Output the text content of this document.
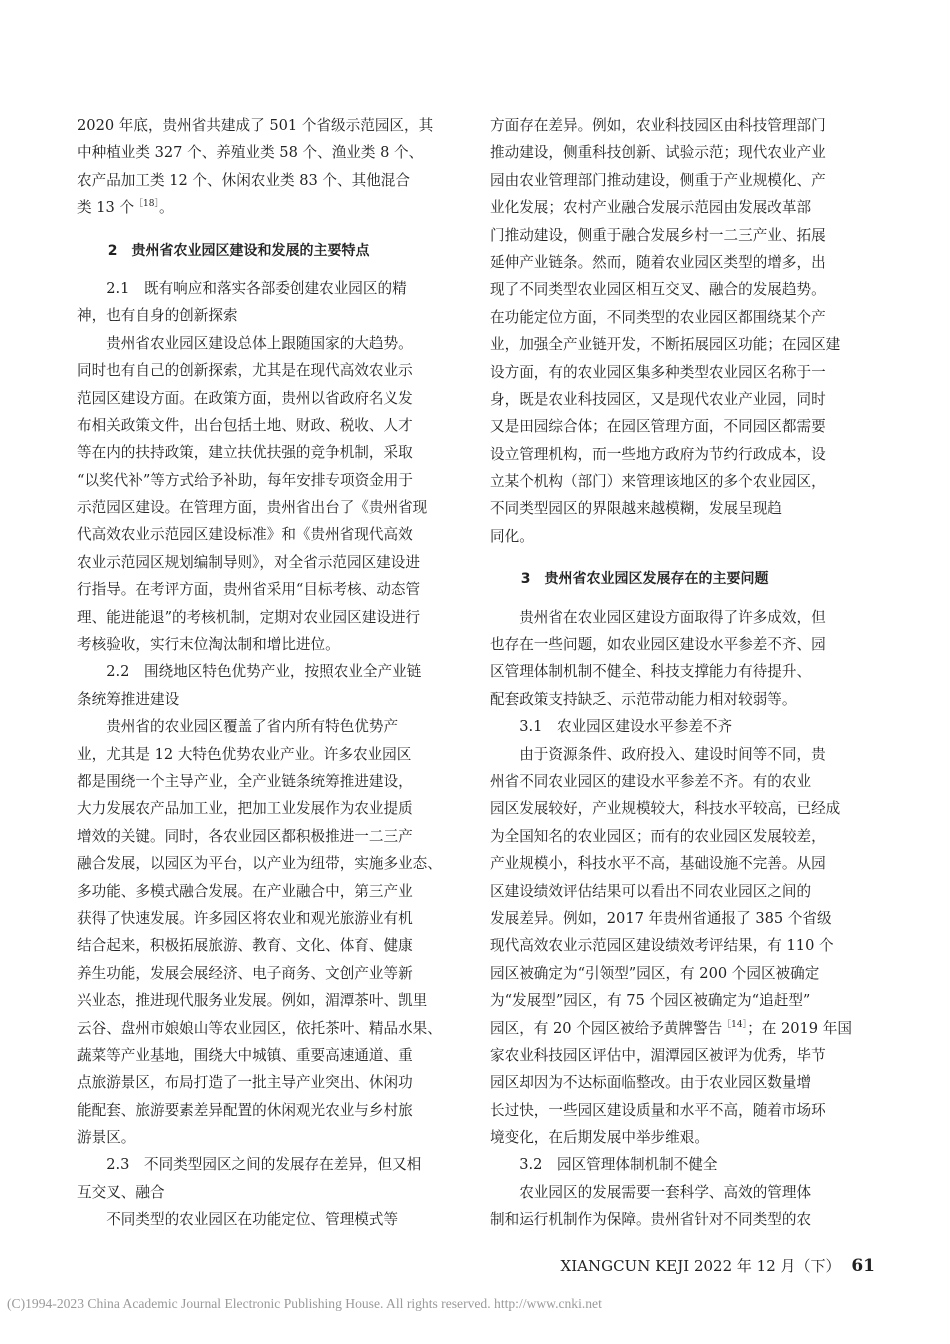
2020 年底，贵州省共建成了 501 个省级示范园区，其
中种植业类 327 个、养殖业类 58 个、渔业类 8 个、
农产品加工类 12 个、休闲农业类 83 个、其他混合
类 13 个$^{[18]}$。
2　贵州省农业园区建设和发展的主要特点
2.1　既有响应和落实各部委创建农业园区的精
神，也有自身的创新探索
贵州省农业园区建设总体上跟随国家的大趋势。
同时也有自己的创新探索，尤其是在现代高效农业示
范园区建设方面。在政策方面，贵州以省政府名义发
布相关政策文件，出台包括土地、财政、税收、人才
等在内的扶持政策，建立扶优扶强的竞争机制，采取
“以奖代补”等方式给予补助，每年安排专项资金用于
示范园区建设。在管理方面，贵州省出台了《贵州省现
代高效农业示范园区建设标准》和《贵州省现代高效
农业示范园区规划编制导则》，对全省示范园区建设进
行指导。在考评方面，贵州省采用“目标考核、动态管
理、能进能退”的考核机制，定期对农业园区建设进行
考核验收，实行末位淘汰制和增比进位。
2.2　围绕地区特色优势产业，按照农业全产业链
条统筹推进建设
贵州省的农业园区覆盖了省内所有特色优势产
业，尤其是 12 大特色优势农业产业。许多农业园区
都是围绕一个主导产业，全产业链条统筹推进建设，
大力发展农产品加工业，把加工业发展作为农业提质
增效的关键。同时，各农业园区都积极推进一二三产
融合发展，以园区为平台，以产业为纽带，实施多业态、
多功能、多模式融合发展。在产业融合中，第三产业
获得了快速发展。许多园区将农业和观光旅游业有机
结合起来，积极拓展旅游、教育、文化、体育、健康
养生功能，发展会展经济、电子商务、文创产业等新
兴业态，推进现代服务业发展。例如，湄潭茶叶、凯里
云谷、盘州市娘娘山等农业园区，依托茶叶、精品水果、
蔬菜等产业基地，围绕大中城镇、重要高速通道、重
点旅游景区，布局打造了一批主导产业突出、休闲功
能配套、旅游要素差异配置的休闲观光农业与乡村旅
游景区。
2.3　不同类型园区之间的发展存在差异，但又相
互交叉、融合
不同类型的农业园区在功能定位、管理模式等
方面存在差异。例如，农业科技园区由科技管理部门
推动建设，侧重科技创新、试验示范；现代农业产业
园由农业管理部门推动建设，侧重于产业规模化、产
业化发展；农村产业融合发展示范园由发展改革部
门推动建设，侧重于融合发展乡村一二三产业、拓展
延伸产业链条。然而，随着农业园区类型的增多，出
现了不同类型农业园区相互交叉、融合的发展趋势。
在功能定位方面，不同类型的农业园区都围绕某个产
业，加强全产业链开发，不断拓展园区功能；在园区建
设方面，有的农业园区集多种类型农业园区名称于一
身，既是农业科技园区，又是现代农业产业园，同时
又是田园综合体；在园区管理方面，不同园区都需要
设立管理机构，而一些地方政府为节约行政成本，设
立某个机构（部门）来管理该地区的多个农业园区，
不同类型园区的界限越来越模糊，发展呈现趋
同化。
3　贵州省农业园区发展存在的主要问题
贵州省在农业园区建设方面取得了许多成效，但
也存在一些问题，如农业园区建设水平参差不齐、园
区管理体制机制不健全、科技支撑能力有待提升、
配套政策支持缺乏、示范带动能力相对较弱等。
3.1　农业园区建设水平参差不齐
由于资源条件、政府投入、建设时间等不同，贵
州省不同农业园区的建设水平参差不齐。有的农业
园区发展较好，产业规模较大，科技水平较高，已经成
为全国知名的农业园区；而有的农业园区发展较差，
产业规模小，科技水平不高，基础设施不完善。从园
区建设绩效评估结果可以看出不同农业园区之间的
发展差异。例如，2017 年贵州省通报了 385 个省级
现代高效农业示范园区建设绩效考评结果，有 110 个
园区被确定为“引领型”园区，有 200 个园区被确定
为“发展型”园区，有 75 个园区被确定为“追赶型”
园区，有 20 个园区被给予黄牌警告$^{[14]}$；在 2019 年国
家农业科技园区评估中，湄潭园区被评为优秀，毕节
园区却因为不达标面临整改。由于农业园区数量增
长过快，一些园区建设质量和水平不高，随着市场环
境变化，在后期发展中举步维艰。
3.2　园区管理体制机制不健全
农业园区的发展需要一套科学、高效的管理体
制和运行机制作为保障。贵州省针对不同类型的农
XIANGCUN KEJI 2022 年 12 月（下） 61
(C)1994-2023 China Academic Journal Electronic Publishing House. All rights reserved. http://www.cnki.net
